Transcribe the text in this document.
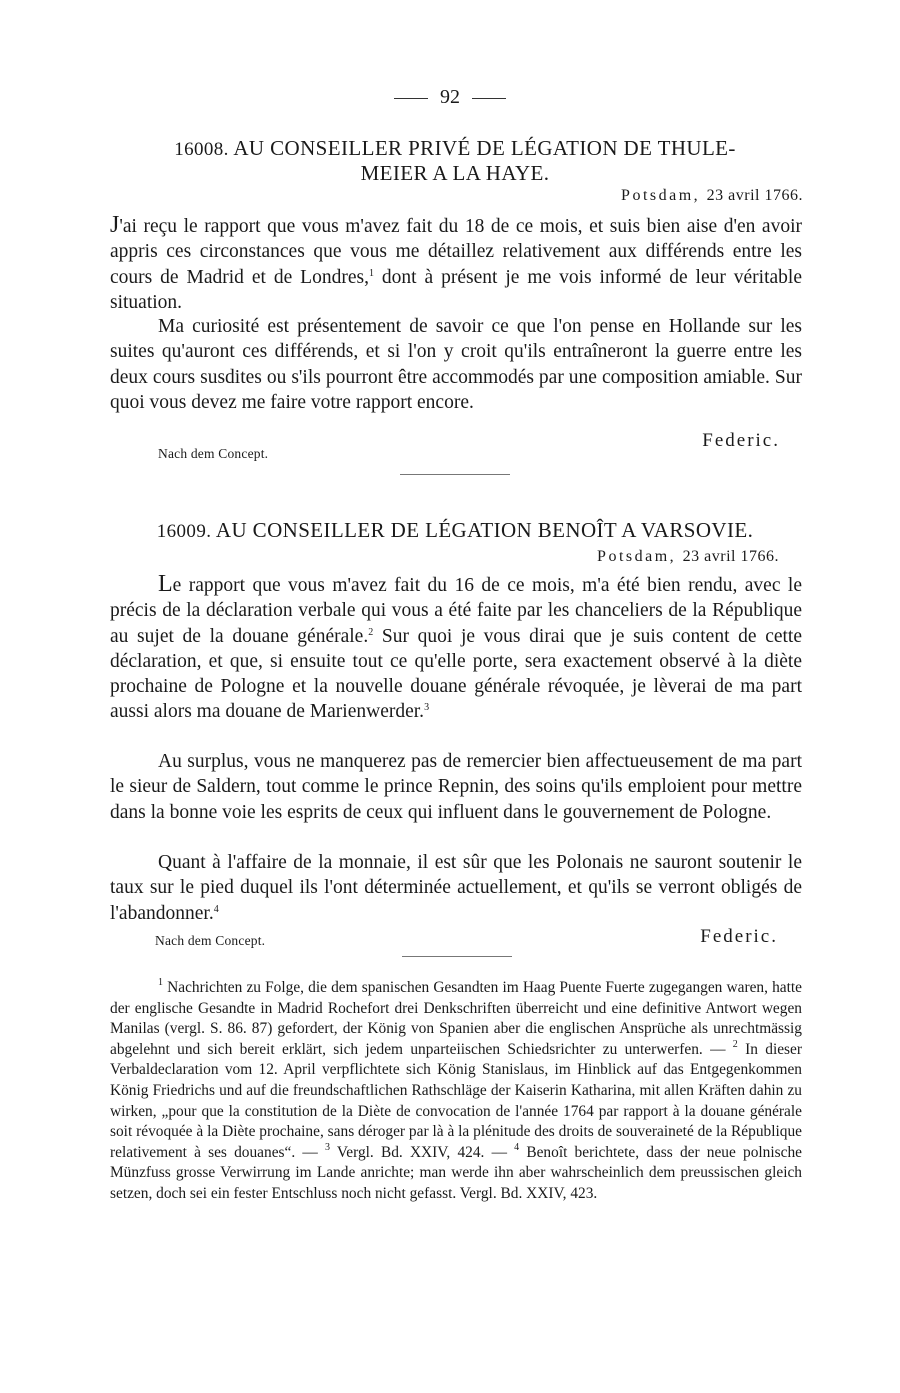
92
16008. AU CONSEILLER PRIVÉ DE LÉGATION DE THULE-
MEIER A LA HAYE.
Potsdam, 23 avril 1766.

J'ai reçu le rapport que vous m'avez fait du 18 de ce mois, et suis bien aise d'en avoir appris ces circonstances que vous me détaillez relativement aux différends entre les cours de Madrid et de Londres,$^1$ dont à présent je me vois informé de leur véritable situation.

Ma curiosité est présentement de savoir ce que l'on pense en Hollande sur les suites qu'auront ces différends, et si l'on y croit qu'ils entraîneront la guerre entre les deux cours susdites ou s'ils pourront être accommodés par une composition amiable. Sur quoi vous devez me faire votre rapport encore.

Federic.
Nach dem Concept.
16009. AU CONSEILLER DE LÉGATION BENOÎT A VARSOVIE.
Potsdam, 23 avril 1766.

Le rapport que vous m'avez fait du 16 de ce mois, m'a été bien rendu, avec le précis de la déclaration verbale qui vous a été faite par les chanceliers de la République au sujet de la douane générale.$^2$ Sur quoi je vous dirai que je suis content de cette déclaration, et que, si ensuite tout ce qu'elle porte, sera exactement observé à la diète prochaine de Pologne et la nouvelle douane générale révoquée, je lèverai de ma part aussi alors ma douane de Marienwerder.$^3$

Au surplus, vous ne manquerez pas de remercier bien affectueusement de ma part le sieur de Saldern, tout comme le prince Repnin, des soins qu'ils emploient pour mettre dans la bonne voie les esprits de ceux qui influent dans le gouvernement de Pologne.

Quant à l'affaire de la monnaie, il est sûr que les Polonais ne sauront soutenir le taux sur le pied duquel ils l'ont déterminée actuellement, et qu'ils se verront obligés de l'abandonner.$^4$

Federic.
Nach dem Concept.

$^1$ Nachrichten zu Folge, die dem spanischen Gesandten im Haag Puente Fuerte zugegangen waren, hatte der englische Gesandte in Madrid Rochefort drei Denkschriften überreicht und eine definitive Antwort wegen Manilas (vergl. S. 86. 87) gefordert, der König von Spanien aber die englischen Ansprüche als unrechtmässig abgelehnt und sich bereit erklärt, sich jedem unparteiischen Schiedsrichter zu unterwerfen. — $^2$ In dieser Verbaldeclaration vom 12. April verpflichtete sich König Stanislaus, im Hinblick auf das Entgegenkommen König Friedrichs und auf die freundschaftlichen Rathschläge der Kaiserin Katharina, mit allen Kräften dahin zu wirken, „pour que la constitution de la Diète de convocation de l'année 1764 par rapport à la douane générale soit révoquée à la Diète prochaine, sans déroger par là à la plénitude des droits de souveraineté de la République relativement à ses douanes“. — $^3$ Vergl. Bd. XXIV, 424. — $^4$ Benoît berichtete, dass der neue polnische Münzfuss grosse Verwirrung im Lande anrichte; man werde ihn aber wahrscheinlich dem preussischen gleich setzen, doch sei ein fester Entschluss noch nicht gefasst. Vergl. Bd. XXIV, 423.
